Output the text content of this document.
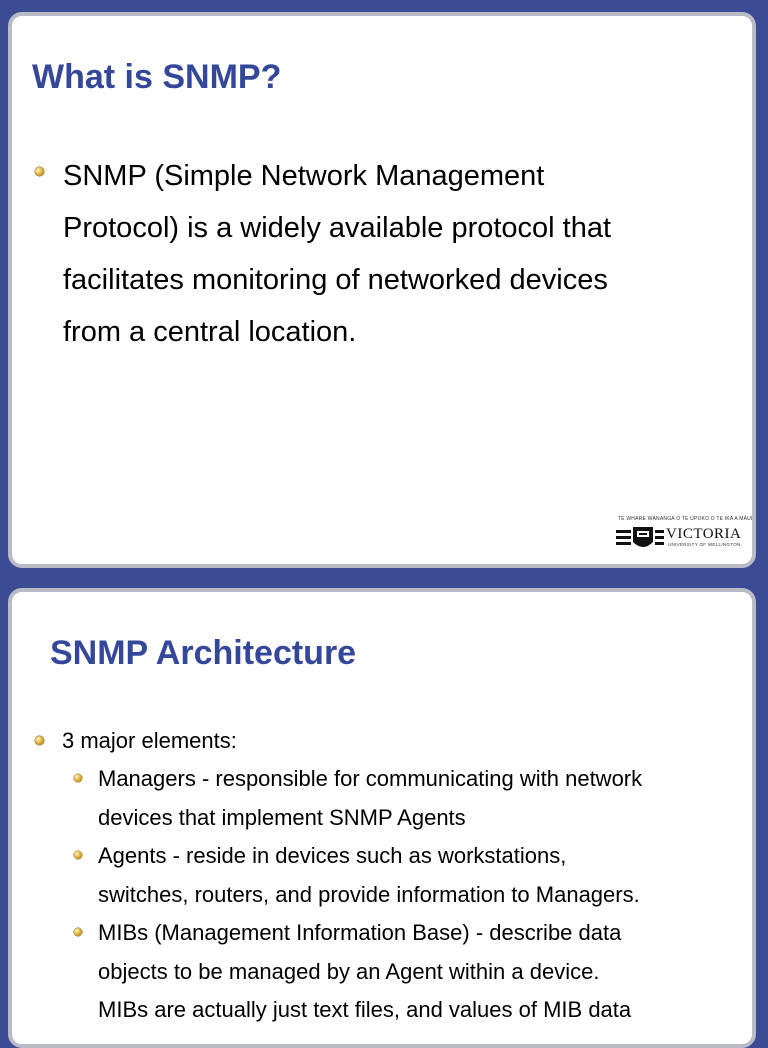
What is SNMP?
SNMP (Simple Network Management
Protocol) is a widely available protocol that
facilitates monitoring of networked devices
from a central location.
TE WHARE WĀNANGA O TE ŪPOKO O TE IKA A MĀUI
VICTORIA
UNIVERSITY OF WELLINGTON
SNMP Architecture
3 major elements:
Managers - responsible for communicating with network
devices that implement SNMP Agents
Agents - reside in devices such as workstations,
switches, routers, and provide information to Managers.
MIBs (Management Information Base) - describe data
objects to be managed by an Agent within a device.
MIBs are actually just text files, and values of MIB data
